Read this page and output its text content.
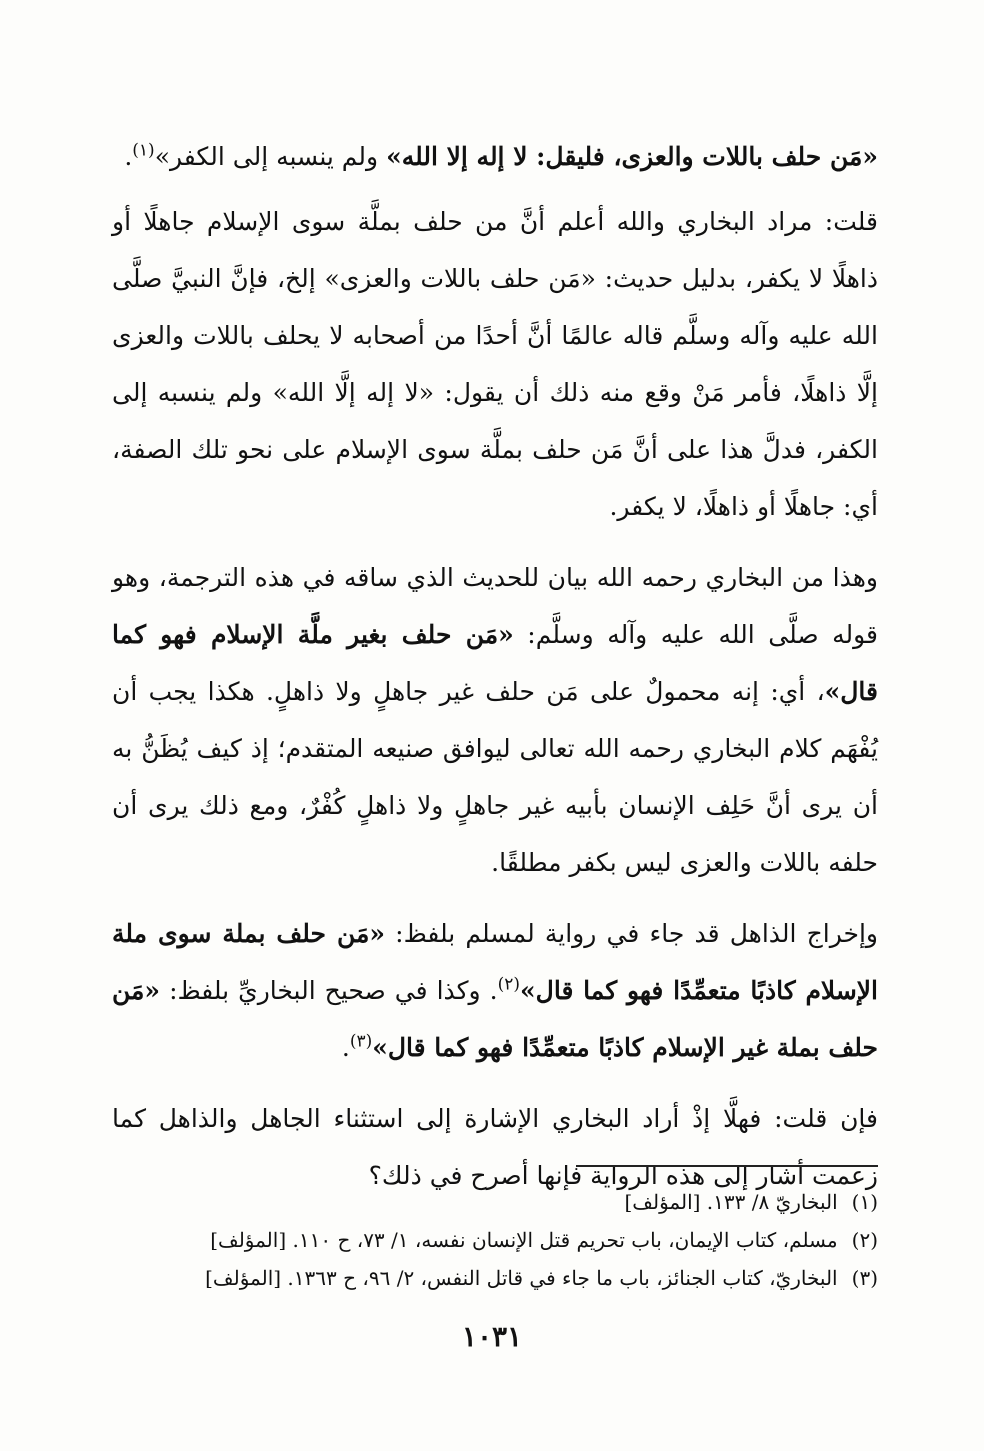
«مَن حلف باللات والعزى، فليقل: لا إله إلا الله» ولم ينسبه إلى الكفر»$^{(١)}$.

قلت: مراد البخاري والله أعلم أنَّ من حلف بملَّة سوى الإسلام جاهلًا أو ذاهلًا لا يكفر، بدليل حديث: «مَن حلف باللات والعزى» إلخ، فإنَّ النبيَّ صلَّى الله عليه وآله وسلَّم قاله عالمًا أنَّ أحدًا من أصحابه لا يحلف باللات والعزى إلَّا ذاهلًا، فأمر مَنْ وقع منه ذلك أن يقول: «لا إله إلَّا الله» ولم ينسبه إلى الكفر، فدلَّ هذا على أنَّ مَن حلف بملَّة سوى الإسلام على نحو تلك الصفة، أي: جاهلًا أو ذاهلًا، لا يكفر.

وهذا من البخاري رحمه الله بيان للحديث الذي ساقه في هذه الترجمة، وهو قوله صلَّى الله عليه وآله وسلَّم: «مَن حلف بغير ملَّة الإسلام فهو كما قال»، أي: إنه محمولٌ على مَن حلف غير جاهلٍ ولا ذاهلٍ. هكذا يجب أن يُفْهَم كلام البخاري رحمه الله تعالى ليوافق صنيعه المتقدم؛ إذ كيف يُظَنُّ به أن يرى أنَّ حَلِف الإنسان بأبيه غير جاهلٍ ولا ذاهلٍ كُفْرٌ، ومع ذلك يرى أن حلفه باللات والعزى ليس بكفر مطلقًا.

وإخراج الذاهل قد جاء في رواية لمسلم بلفظ: «مَن حلف بملة سوى ملة الإسلام كاذبًا متعمِّدًا فهو كما قال»$^{(٢)}$. وكذا في صحيح البخاريِّ بلفظ: «مَن حلف بملة غير الإسلام كاذبًا متعمِّدًا فهو كما قال»$^{(٣)}$.

فإن قلت: فهلَّا إذْ أراد البخاري الإشارة إلى استثناء الجاهل والذاهل كما زعمت أشار إلى هذه الرواية فإنها أصرح في ذلك؟

(١)البخاريّ ٨/ ١٣٣. [المؤلف]
(٢)مسلم، كتاب الإيمان، باب تحريم قتل الإنسان نفسه، ١/ ٧٣، ح ١١٠. [المؤلف]
(٣)البخاريّ، كتاب الجنائز، باب ما جاء في قاتل النفس، ٢/ ٩٦، ح ١٣٦٣. [المؤلف]
١٠٣١
